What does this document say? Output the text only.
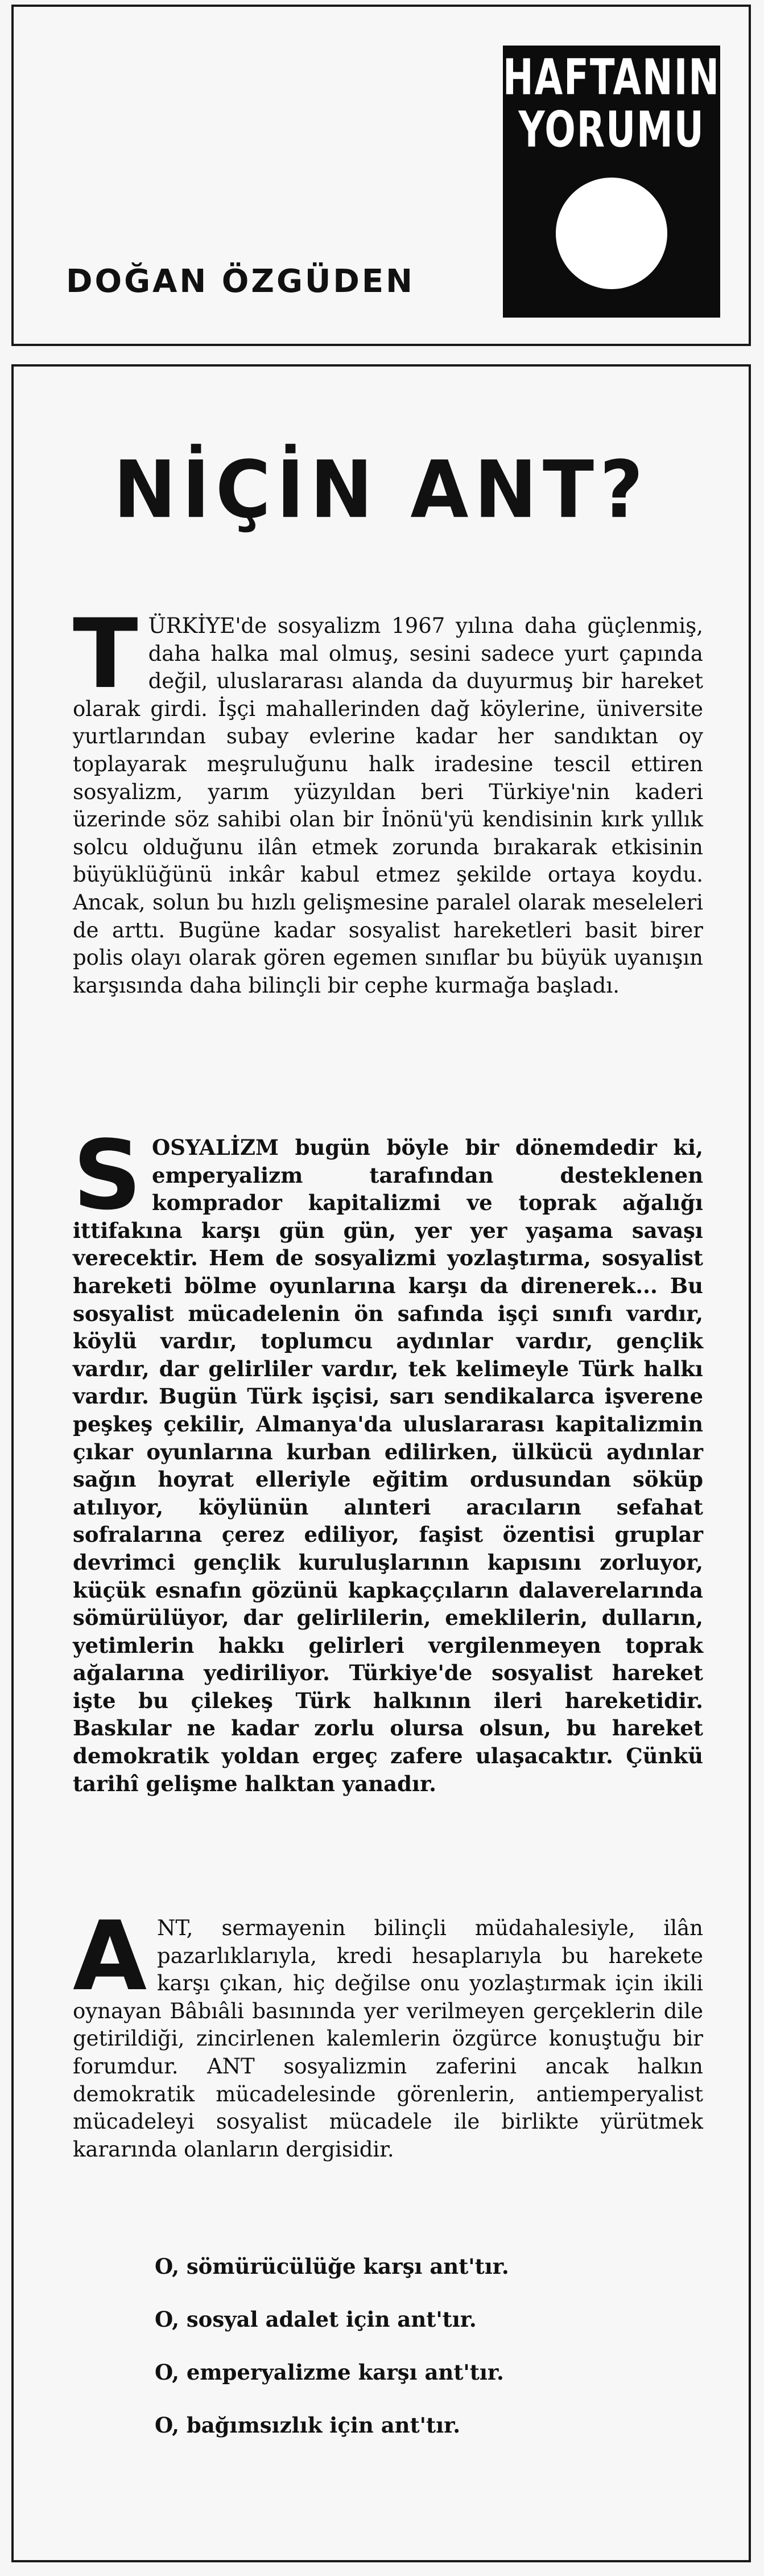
DOĞAN ÖZGÜDEN
HAFTANIN
YORUMU
NİÇİN ANT?
TÜRKİYE'de sosyalizm 1967 yılına daha güçlenmiş, daha halka mal olmuş, sesini sadece yurt çapında değil, uluslararası alanda da duyurmuş bir hareket olarak girdi. İşçi mahallerinden dağ köylerine, üniversite yurtlarından subay evlerine kadar her sandıktan oy toplayarak meşruluğunu halk iradesine tescil ettiren sosyalizm, yarım yüzyıldan beri Türkiye'nin kaderi üzerinde söz sahibi olan bir İnönü'yü kendisinin kırk yıllık solcu olduğunu ilân etmek zorunda bırakarak etkisinin büyüklüğünü inkâr kabul etmez şekilde ortaya koydu. Ancak, solun bu hızlı gelişmesine paralel olarak meseleleri de arttı. Bugüne kadar sosyalist hareketleri basit birer polis olayı olarak gören egemen sınıflar bu büyük uyanışın karşısında daha bilinçli bir cephe kurmağa başladı.
SOSYALİZM bugün böyle bir dönemdedir ki, emperyalizm tarafından desteklenen komprador kapitalizmi ve toprak ağalığı ittifakına karşı gün gün, yer yer yaşama savaşı verecektir. Hem de sosyalizmi yozlaştırma, sosyalist hareketi bölme oyunlarına karşı da direnerek... Bu sosyalist mücadelenin ön safında işçi sınıfı vardır, köylü vardır, toplumcu aydınlar vardır, gençlik vardır, dar gelirliler vardır, tek kelimeyle Türk halkı vardır. Bugün Türk işçisi, sarı sendikalarca işverene peşkeş çekilir, Almanya'da uluslararası kapitalizmin çıkar oyunlarına kurban edilirken, ülkücü aydınlar sağın hoyrat elleriyle eğitim ordusundan söküp atılıyor, köylünün alınteri aracıların sefahat sofralarına çerez ediliyor, faşist özentisi gruplar devrimci gençlik kuruluşlarının kapısını zorluyor, küçük esnafın gözünü kapkaççıların dalaverelarında sömürülüyor, dar gelirlilerin, emeklilerin, dulların, yetimlerin hakkı gelirleri vergilenmeyen toprak ağalarına yediriliyor. Türkiye'de sosyalist hareket işte bu çilekeş Türk halkının ileri hareketidir. Baskılar ne kadar zorlu olursa olsun, bu hareket demokratik yoldan ergeç zafere ulaşacaktır. Çünkü tarihî gelişme halktan yanadır.
ANT, sermayenin bilinçli müdahalesiyle, ilân pazarlıklarıyla, kredi hesaplarıyla bu harekete karşı çıkan, hiç değilse onu yozlaştırmak için ikili oynayan Bâbıâli basınında yer verilmeyen gerçeklerin dile getirildiği, zincirlenen kalemlerin özgürce konuştuğu bir forumdur. ANT sosyalizmin zaferini ancak halkın demokratik mücadelesinde görenlerin, antiemperyalist mücadeleyi sosyalist mücadele ile birlikte yürütmek kararında olanların dergisidir.
O, sömürücülüğe karşı ant'tır.
O, sosyal adalet için ant'tır.
O, emperyalizme karşı ant'tır.
O, bağımsızlık için ant'tır.
